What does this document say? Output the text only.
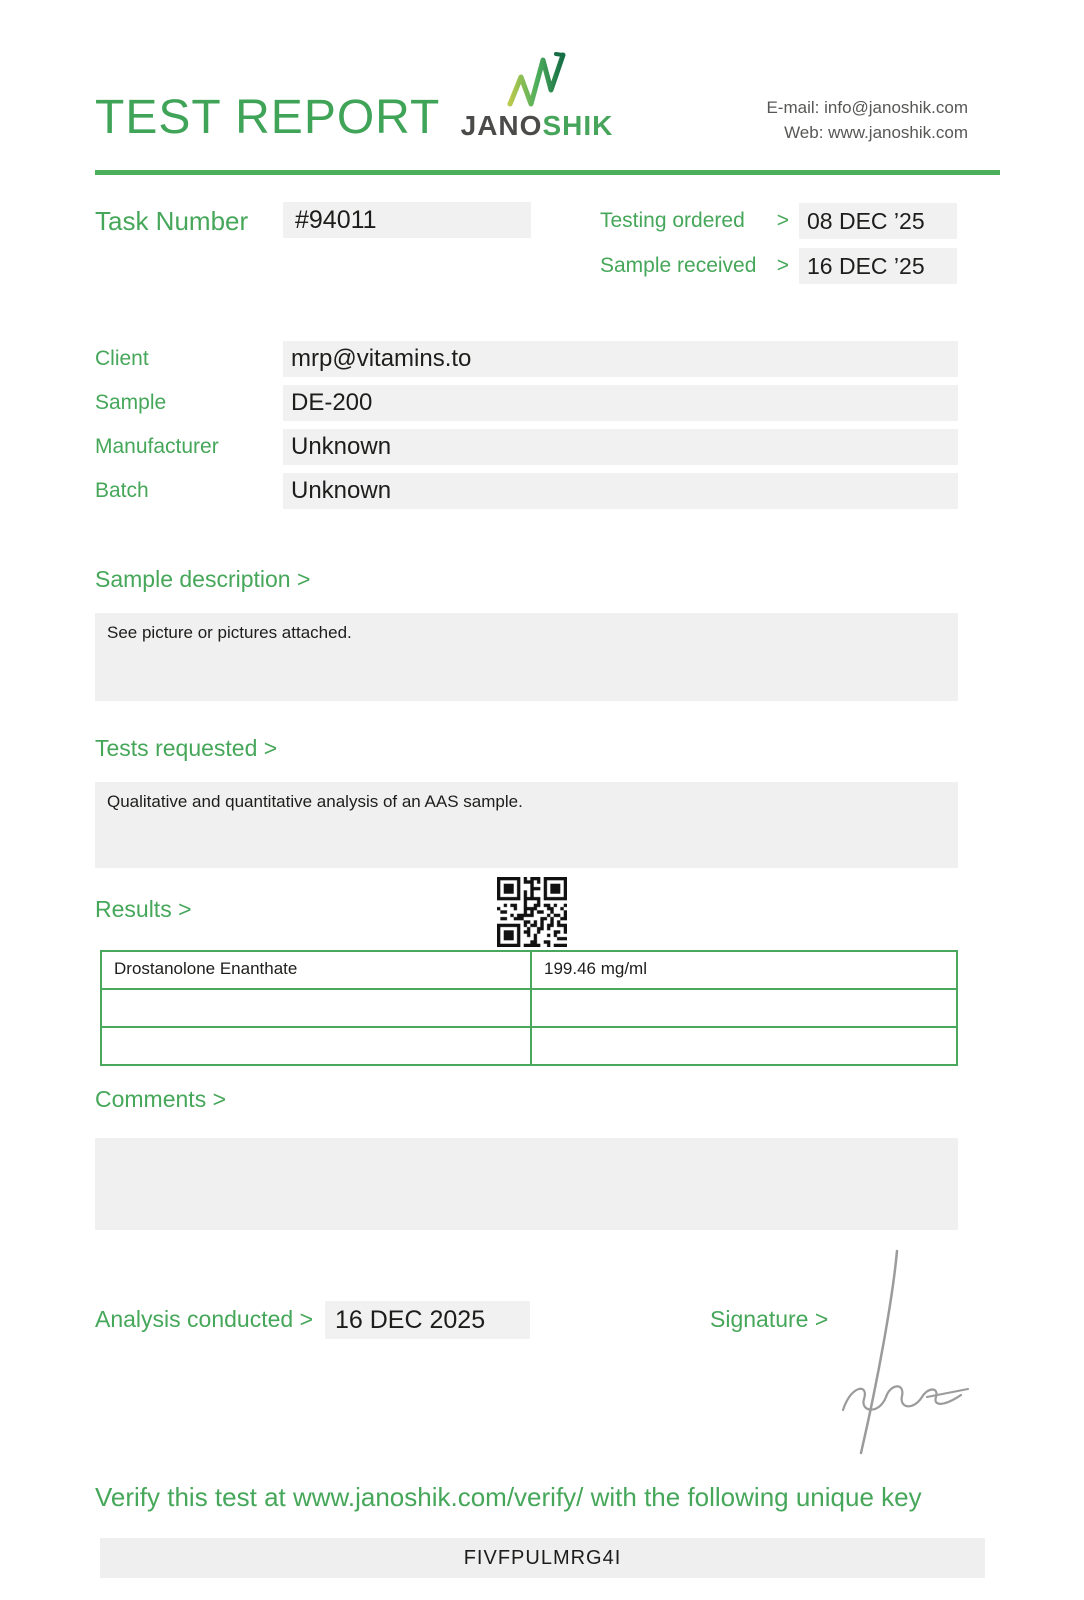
TEST REPORT JANOSHIK
E-mail: info@janoshik.com
Web: www.janoshik.com
Task Number	#94011	Testing ordered	> 08 DEC ’25
Sample received > 16 DEC ’25
Client	mrp@vitamins.to
Sample	DE-200
Manufacturer	Unknown
Batch	Unknown
Sample description >
See picture or pictures attached.
Tests requested >
Qualitative and quantitative analysis of an AAS sample.
Results >
Drostanolone Enanthate	199.46 mg/ml
Comments >
Analysis conducted > 16 DEC 2025	Signature >
Verify this test at www.janoshik.com/verify/ with the following unique key
FIVFPULMRG4I
